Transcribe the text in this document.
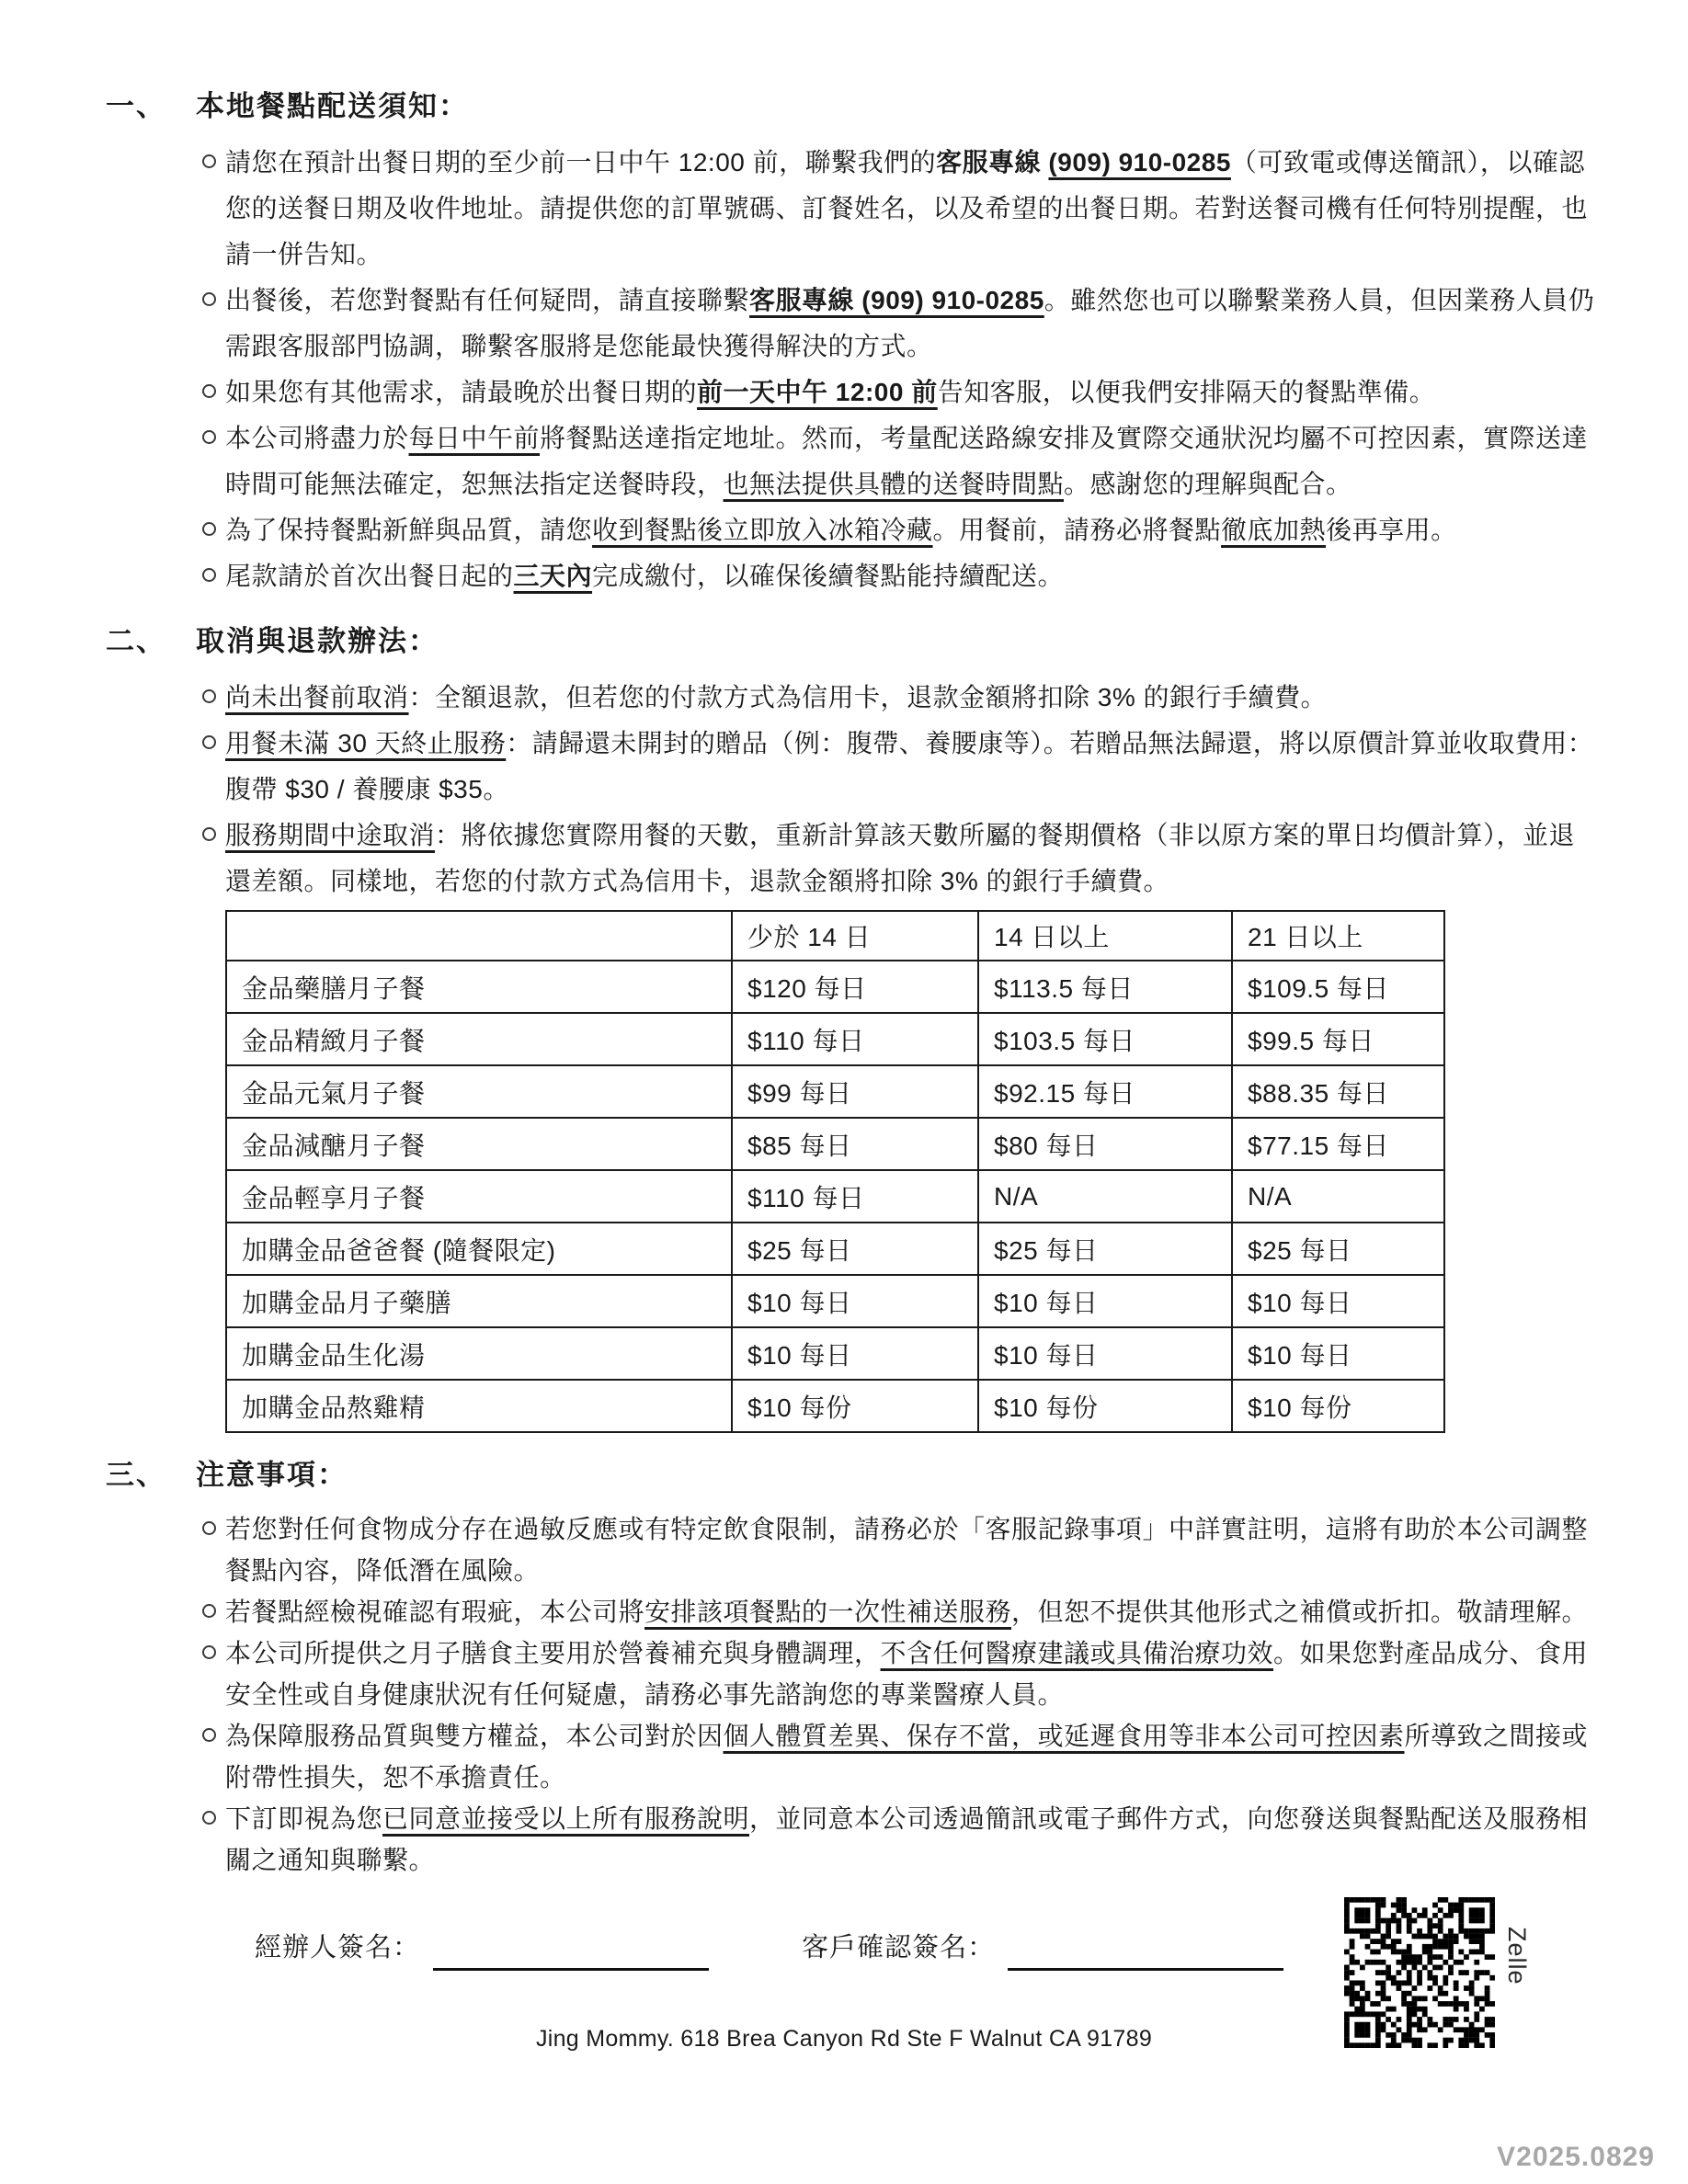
一、 本地餐點配送須知：
請您在預計出餐日期的至少前一日中午 12:00 前，聯繫我們的客服專線 (909) 910-0285（可致電或傳送簡訊），以確認您的送餐日期及收件地址。請提供您的訂單號碼、訂餐姓名，以及希望的出餐日期。若對送餐司機有任何特別提醒，也請一併告知。
出餐後，若您對餐點有任何疑問，請直接聯繫客服專線 (909) 910-0285。雖然您也可以聯繫業務人員，但因業務人員仍需跟客服部門協調，聯繫客服將是您能最快獲得解決的方式。
如果您有其他需求，請最晚於出餐日期的前一天中午 12:00 前告知客服，以便我們安排隔天的餐點準備。
本公司將盡力於每日中午前將餐點送達指定地址。然而，考量配送路線安排及實際交通狀況均屬不可控因素，實際送達時間可能無法確定，恕無法指定送餐時段，也無法提供具體的送餐時間點。感謝您的理解與配合。
為了保持餐點新鮮與品質，請您收到餐點後立即放入冰箱冷藏。用餐前，請務必將餐點徹底加熱後再享用。
尾款請於首次出餐日起的三天內完成繳付，以確保後續餐點能持續配送。
二、 取消與退款辦法：
尚未出餐前取消：全額退款，但若您的付款方式為信用卡，退款金額將扣除 3% 的銀行手續費。
用餐未滿 30 天終止服務：請歸還未開封的贈品（例：腹帶、養腰康等）。若贈品無法歸還，將以原價計算並收取費用：腹帶 $30 / 養腰康 $35。
服務期間中途取消：將依據您實際用餐的天數，重新計算該天數所屬的餐期價格（非以原方案的單日均價計算），並退還差額。同樣地，若您的付款方式為信用卡，退款金額將扣除 3% 的銀行手續費。
	少於 14 日	14 日以上	21 日以上
金品藥膳月子餐	$120 每日	$113.5 每日	$109.5 每日
金品精緻月子餐	$110 每日	$103.5 每日	$99.5 每日
金品元氣月子餐	$99 每日	$92.15 每日	$88.35 每日
金品減醣月子餐	$85 每日	$80 每日	$77.15 每日
金品輕享月子餐	$110 每日	N/A	N/A
加購金品爸爸餐 (隨餐限定)	$25 每日	$25 每日	$25 每日
加購金品月子藥膳	$10 每日	$10 每日	$10 每日
加購金品生化湯	$10 每日	$10 每日	$10 每日
加購金品熬雞精	$10 每份	$10 每份	$10 每份
三、 注意事項：
若您對任何食物成分存在過敏反應或有特定飲食限制，請務必於「客服記錄事項」中詳實註明，這將有助於本公司調整餐點內容，降低潛在風險。
若餐點經檢視確認有瑕疵，本公司將安排該項餐點的一次性補送服務，但恕不提供其他形式之補償或折扣。敬請理解。
本公司所提供之月子膳食主要用於營養補充與身體調理，不含任何醫療建議或具備治療功效。如果您對產品成分、食用安全性或自身健康狀況有任何疑慮，請務必事先諮詢您的專業醫療人員。
為保障服務品質與雙方權益，本公司對於因個人體質差異、保存不當，或延遲食用等非本公司可控因素所導致之間接或附帶性損失，恕不承擔責任。
下訂即視為您已同意並接受以上所有服務說明，並同意本公司透過簡訊或電子郵件方式，向您發送與餐點配送及服務相關之通知與聯繫。
經辦人簽名：	客戶確認簽名：	Zelle
Jing Mommy. 618 Brea Canyon Rd Ste F Walnut CA 91789
V2025.0829
